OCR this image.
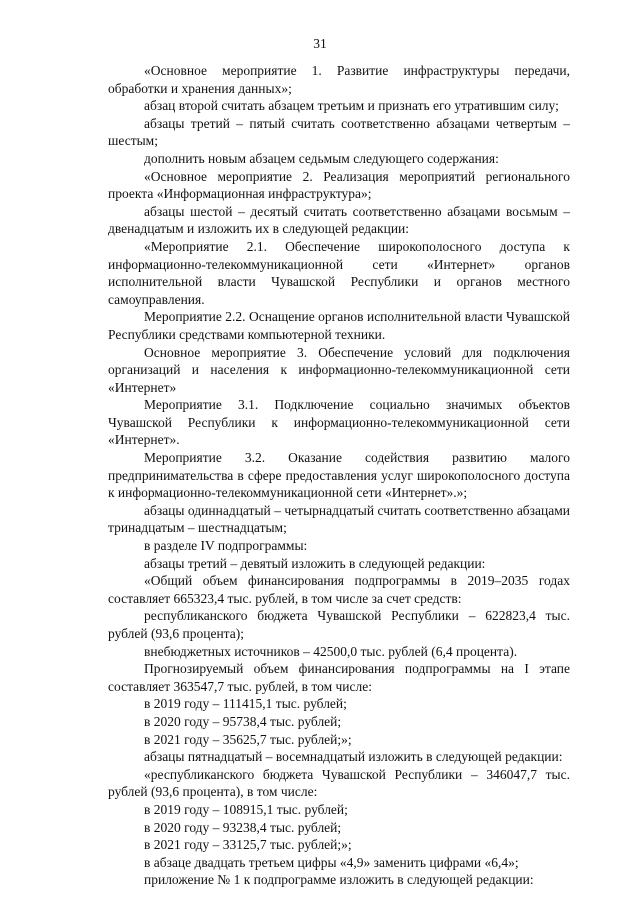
31

«Основное мероприятие 1. Развитие инфраструктуры передачи, обработки и хранения данных»;

абзац второй считать абзацем третьим и признать его утратившим силу;

абзацы третий – пятый считать соответственно абзацами четвертым – шестым;

дополнить новым абзацем седьмым следующего содержания:

«Основное мероприятие 2. Реализация мероприятий регионального проекта «Информационная инфраструктура»;

абзацы шестой – десятый считать соответственно абзацами восьмым – двенадцатым и изложить их в следующей редакции:

«Мероприятие 2.1. Обеспечение широкополосного доступа к информационно-телекоммуникационной сети «Интернет» органов исполнительной власти Чувашской Республики и органов местного самоуправления.

Мероприятие 2.2. Оснащение органов исполнительной власти Чувашской Республики средствами компьютерной техники.

Основное мероприятие 3. Обеспечение условий для подключения организаций и населения к информационно-телекоммуникационной сети «Интернет»

Мероприятие 3.1. Подключение социально значимых объектов Чувашской Республики к информационно-телекоммуникационной сети «Интернет».

Мероприятие 3.2. Оказание содействия развитию малого предпринимательства в сфере предоставления услуг широкополосного доступа к информационно-телекоммуникационной сети «Интернет».»;

абзацы одиннадцатый – четырнадцатый считать соответственно абзацами тринадцатым – шестнадцатым;

в разделе IV подпрограммы:

абзацы третий – девятый изложить в следующей редакции:

«Общий объем финансирования подпрограммы в 2019–2035 годах составляет 665323,4 тыс. рублей, в том числе за счет средств:

республиканского бюджета Чувашской Республики – 622823,4 тыс. рублей (93,6 процента);

внебюджетных источников – 42500,0 тыс. рублей (6,4 процента).

Прогнозируемый объем финансирования подпрограммы на I этапе составляет 363547,7 тыс. рублей, в том числе:

в 2019 году – 111415,1 тыс. рублей;

в 2020 году – 95738,4 тыс. рублей;

в 2021 году – 35625,7 тыс. рублей;»;

абзацы пятнадцатый – восемнадцатый изложить в следующей редакции:

«республиканского бюджета Чувашской Республики – 346047,7 тыс. рублей (93,6 процента), в том числе:

в 2019 году – 108915,1 тыс. рублей;

в 2020 году – 93238,4 тыс. рублей;

в 2021 году – 33125,7 тыс. рублей;»;

в абзаце двадцать третьем цифры «4,9» заменить цифрами «6,4»;

приложение № 1 к подпрограмме изложить в следующей редакции:
